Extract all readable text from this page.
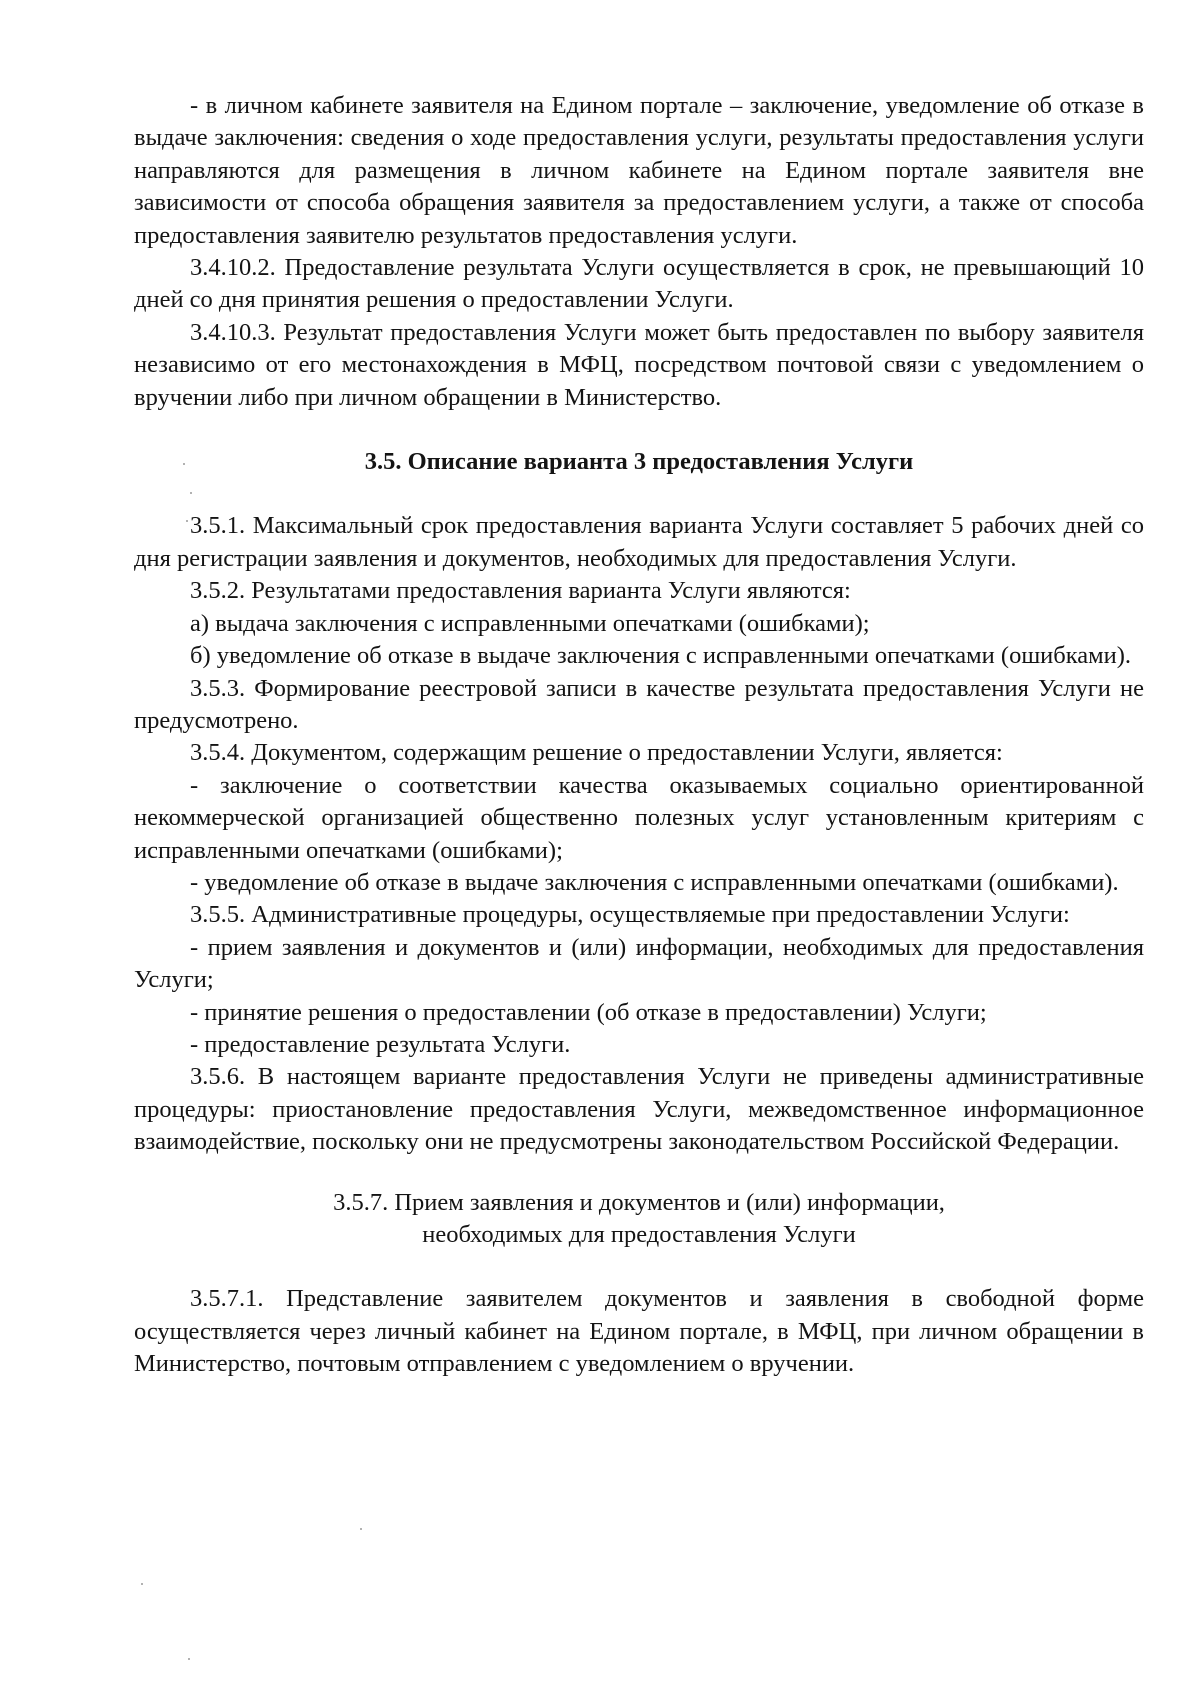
- в личном кабинете заявителя на Едином портале – заключение, уведомление об отказе в выдаче заключения: сведения о ходе предоставления услуги, результаты предоставления услуги направляются для размещения в личном кабинете на Едином портале заявителя вне зависимости от способа обращения заявителя за предоставлением услуги, а также от способа предоставления заявителю результатов предоставления услуги.

3.4.10.2. Предоставление результата Услуги осуществляется в срок, не превышающий 10 дней со дня принятия решения о предоставлении Услуги.

3.4.10.3. Результат предоставления Услуги может быть предоставлен по выбору заявителя независимо от его местонахождения в МФЦ, посредством почтовой связи с уведомлением о вручении либо при личном обращении в Министерство.

3.5. Описание варианта 3 предоставления Услуги

3.5.1. Максимальный срок предоставления варианта Услуги составляет 5 рабочих дней со дня регистрации заявления и документов, необходимых для предоставления Услуги.

3.5.2. Результатами предоставления варианта Услуги являются:

а) выдача заключения с исправленными опечатками (ошибками);

б) уведомление об отказе в выдаче заключения с исправленными опечатками (ошибками).

3.5.3. Формирование реестровой записи в качестве результата предоставления Услуги не предусмотрено.

3.5.4. Документом, содержащим решение о предоставлении Услуги, является:

- заключение о соответствии качества оказываемых социально ориентированной некоммерческой организацией общественно полезных услуг установленным критериям с исправленными опечатками (ошибками);

- уведомление об отказе в выдаче заключения с исправленными опечатками (ошибками).

3.5.5. Административные процедуры, осуществляемые при предоставлении Услуги:

- прием заявления и документов и (или) информации, необходимых для предоставления Услуги;

- принятие решения о предоставлении (об отказе в предоставлении) Услуги;

- предоставление результата Услуги.

3.5.6. В настоящем варианте предоставления Услуги не приведены административные процедуры: приостановление предоставления Услуги, межведомственное информационное взаимодействие, поскольку они не предусмотрены законодательством Российской Федерации.

3.5.7. Прием заявления и документов и (или) информации,

необходимых для предоставления Услуги

3.5.7.1. Представление заявителем документов и заявления в свободной форме осуществляется через личный кабинет на Едином портале, в МФЦ, при личном обращении в Министерство, почтовым отправлением с уведомлением о вручении.
